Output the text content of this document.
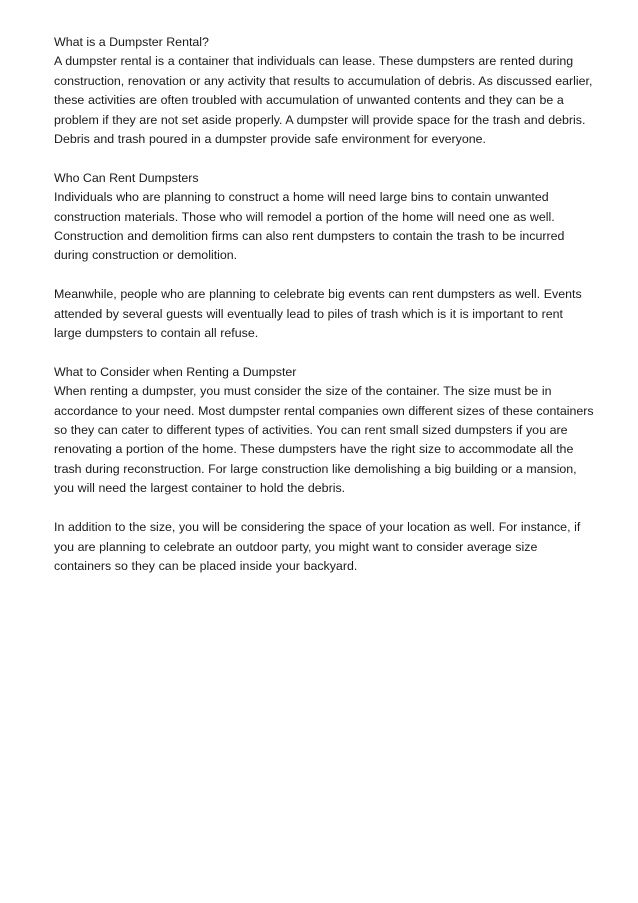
What is a Dumpster Rental?
A dumpster rental is a container that individuals can lease. These dumpsters are rented during construction, renovation or any activity that results to accumulation of debris. As discussed earlier, these activities are often troubled with accumulation of unwanted contents and they can be a problem if they are not set aside properly. A dumpster will provide space for the trash and debris. Debris and trash poured in a dumpster provide safe environment for everyone.
Who Can Rent Dumpsters
Individuals who are planning to construct a home will need large bins to contain unwanted construction materials. Those who will remodel a portion of the home will need one as well. Construction and demolition firms can also rent dumpsters to contain the trash to be incurred during construction or demolition.
Meanwhile, people who are planning to celebrate big events can rent dumpsters as well. Events attended by several guests will eventually lead to piles of trash which is it is important to rent large dumpsters to contain all refuse.
What to Consider when Renting a Dumpster
When renting a dumpster, you must consider the size of the container. The size must be in accordance to your need. Most dumpster rental companies own different sizes of these containers so they can cater to different types of activities. You can rent small sized dumpsters if you are renovating a portion of the home. These dumpsters have the right size to accommodate all the trash during reconstruction. For large construction like demolishing a big building or a mansion, you will need the largest container to hold the debris.
In addition to the size, you will be considering the space of your location as well. For instance, if you are planning to celebrate an outdoor party, you might want to consider average size containers so they can be placed inside your backyard.
